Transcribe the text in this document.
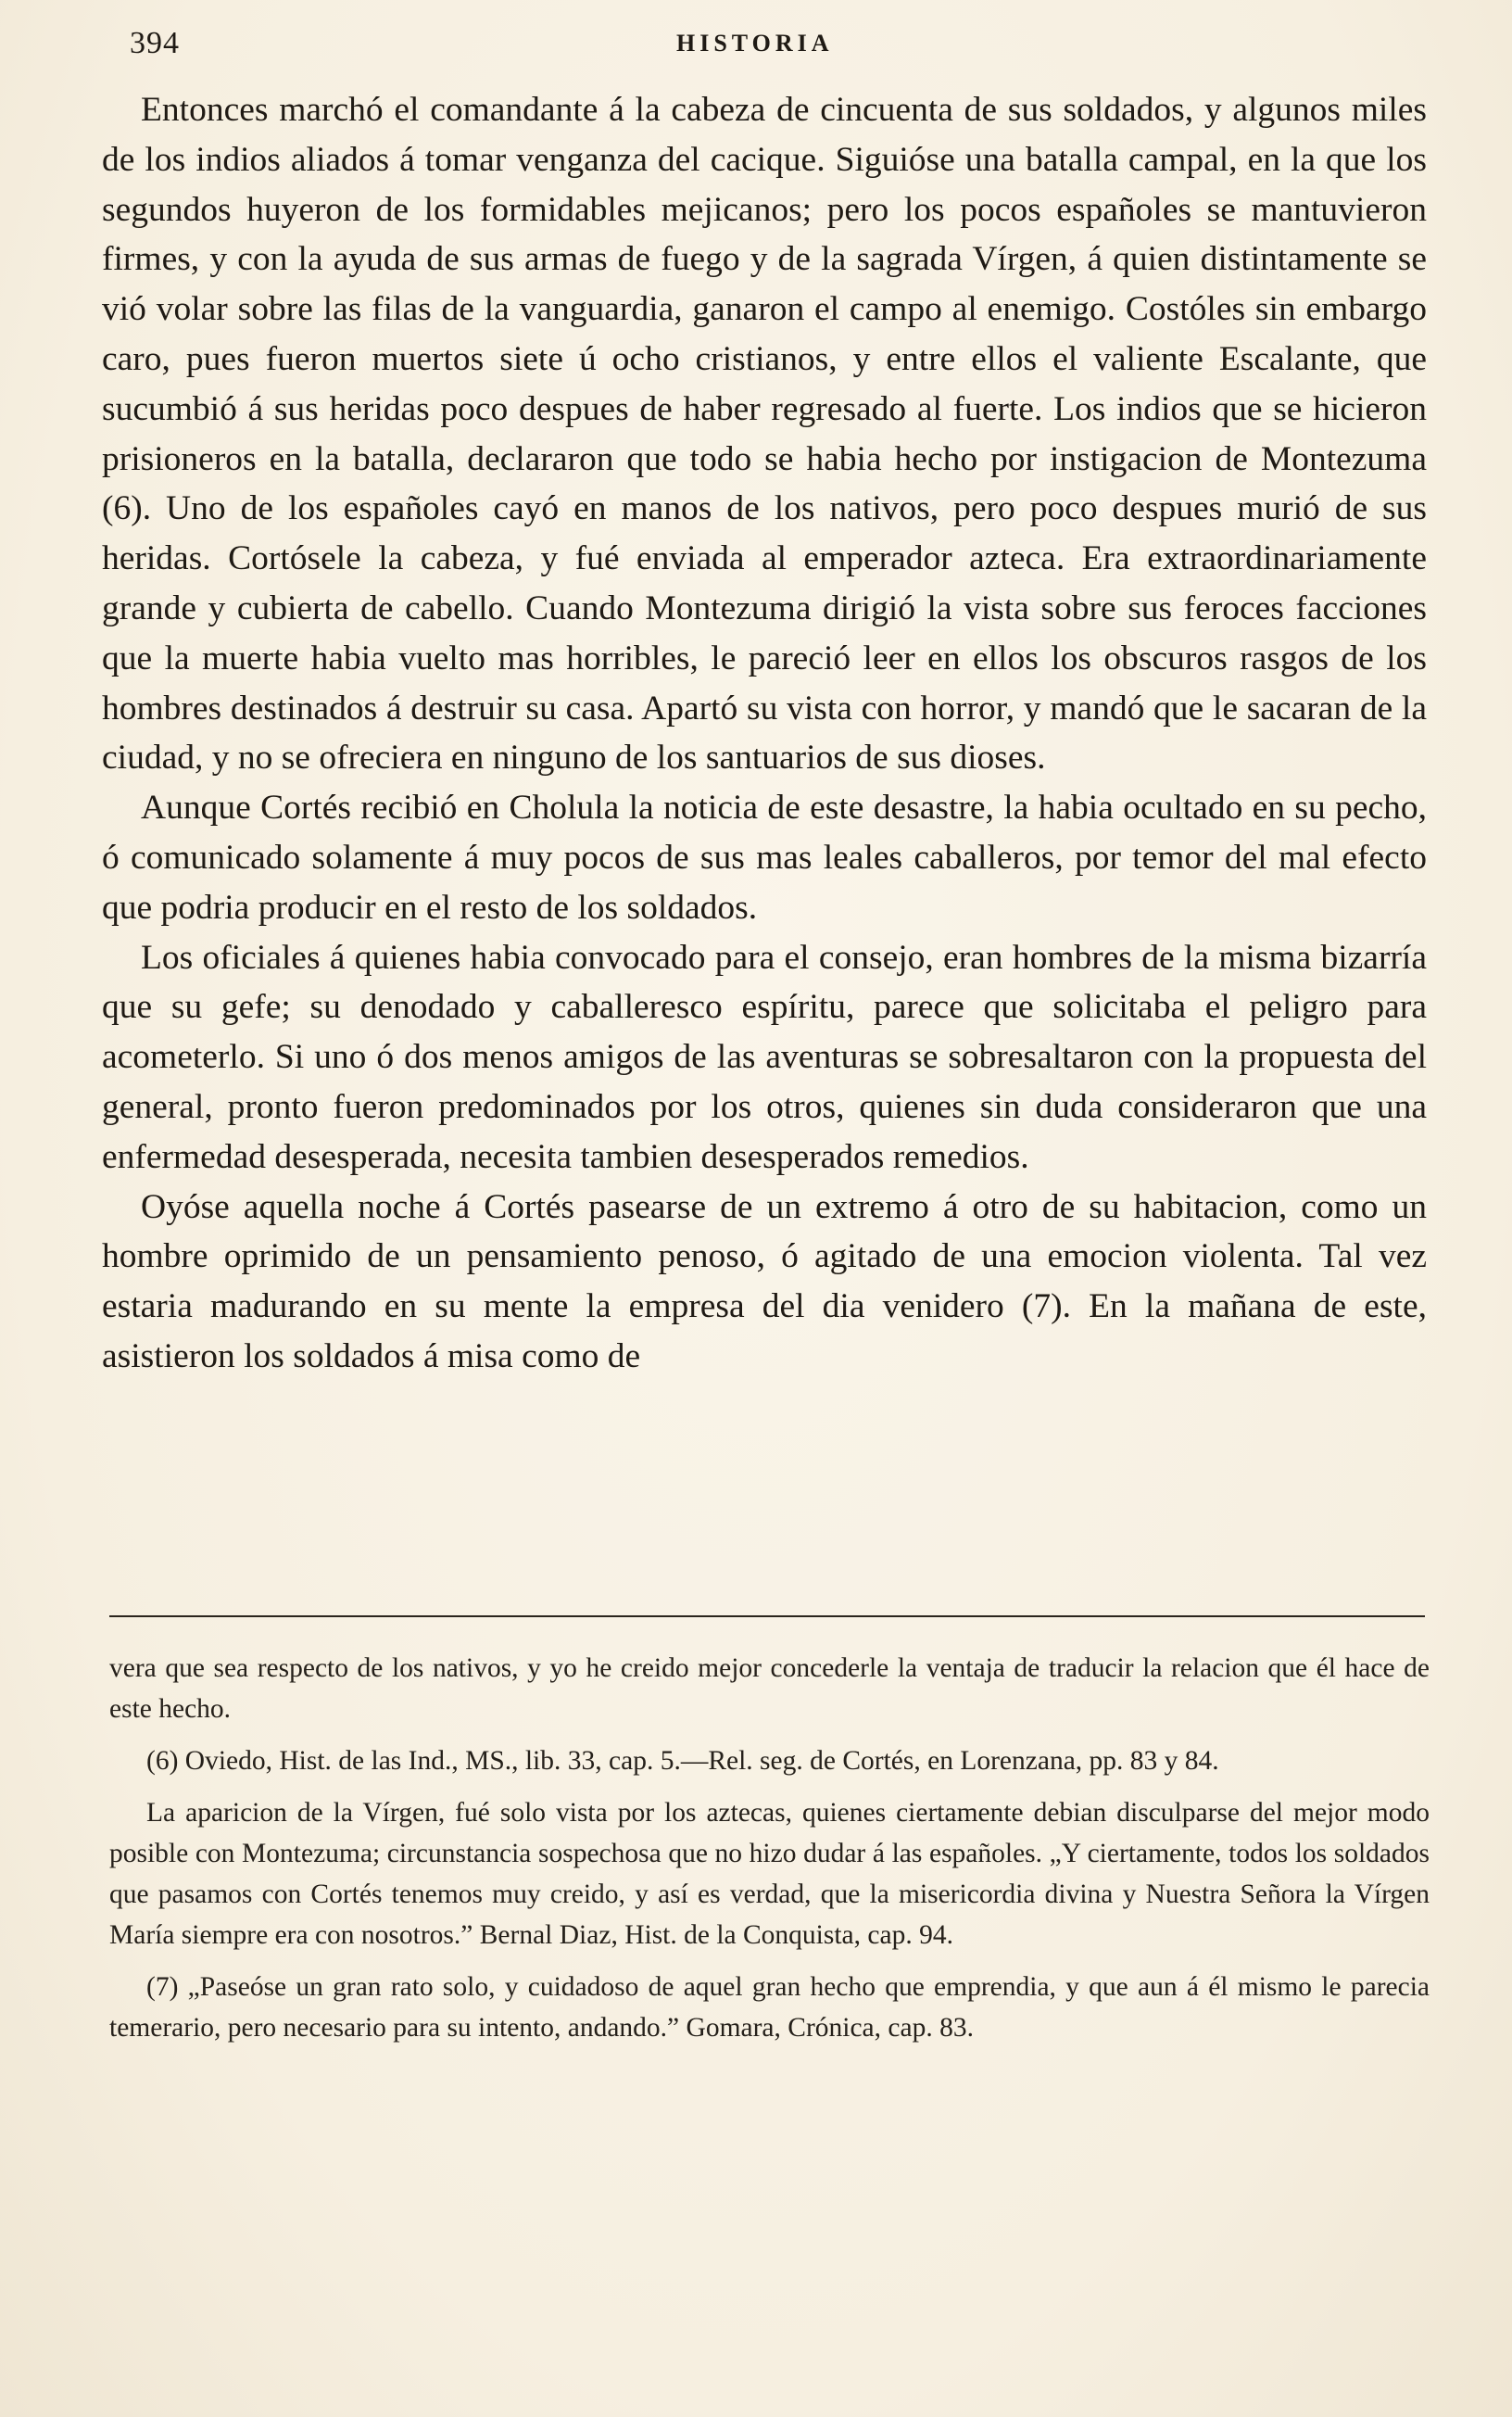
394	HISTORIA

Entonces marchó el comandante á la cabeza de cincuenta de sus soldados, y algunos miles de los indios aliados á tomar venganza del cacique. Siguióse una batalla campal, en la que los segundos huyeron de los formidables mejicanos; pero los pocos españoles se mantuvieron firmes, y con la ayuda de sus armas de fuego y de la sagrada Vírgen, á quien distintamente se vió volar sobre las filas de la vanguardia, ganaron el campo al enemigo. Costóles sin embargo caro, pues fueron muertos siete ú ocho cristianos, y entre ellos el valiente Escalante, que sucumbió á sus heridas poco despues de haber regresado al fuerte. Los indios que se hicieron prisioneros en la batalla, declararon que todo se habia hecho por instigacion de Montezuma (6). Uno de los españoles cayó en manos de los nativos, pero poco despues murió de sus heridas. Cortósele la cabeza, y fué enviada al emperador azteca. Era extraordinariamente grande y cubierta de cabello. Cuando Montezuma dirigió la vista sobre sus feroces facciones que la muerte habia vuelto mas horribles, le pareció leer en ellos los obscuros rasgos de los hombres destinados á destruir su casa. Apartó su vista con horror, y mandó que le sacaran de la ciudad, y no se ofreciera en ninguno de los santuarios de sus dioses.

Aunque Cortés recibió en Cholula la noticia de este desastre, la habia ocultado en su pecho, ó comunicado solamente á muy pocos de sus mas leales caballeros, por temor del mal efecto que podria producir en el resto de los soldados.

Los oficiales á quienes habia convocado para el consejo, eran hombres de la misma bizarría que su gefe; su denodado y caballeresco espíritu, parece que solicitaba el peligro para acometerlo. Si uno ó dos menos amigos de las aventuras se sobresaltaron con la propuesta del general, pronto fueron predominados por los otros, quienes sin duda consideraron que una enfermedad desesperada, necesita tambien desesperados remedios.

Oyóse aquella noche á Cortés pasearse de un extremo á otro de su habitacion, como un hombre oprimido de un pensamiento penoso, ó agitado de una emocion violenta. Tal vez estaria madurando en su mente la empresa del dia venidero (7). En la mañana de este, asistieron los soldados á misa como de

vera que sea respecto de los nativos, y yo he creido mejor concederle la ventaja de traducir la relacion que él hace de este hecho.

(6) Oviedo, Hist. de las Ind., MS., lib. 33, cap. 5.—Rel. seg. de Cortés, en Lorenzana, pp. 83 y 84.

La aparicion de la Vírgen, fué solo vista por los aztecas, quienes ciertamente debian disculparse del mejor modo posible con Montezuma; circunstancia sospechosa que no hizo dudar á las españoles. „Y ciertamente, todos los soldados que pasamos con Cortés tenemos muy creido, y así es verdad, que la misericordia divina y Nuestra Señora la Vírgen María siempre era con nosotros.” Bernal Diaz, Hist. de la Conquista, cap. 94.

(7) „Paseóse un gran rato solo, y cuidadoso de aquel gran hecho que emprendia, y que aun á él mismo le parecia temerario, pero necesario para su intento, andando.” Gomara, Crónica, cap. 83.
